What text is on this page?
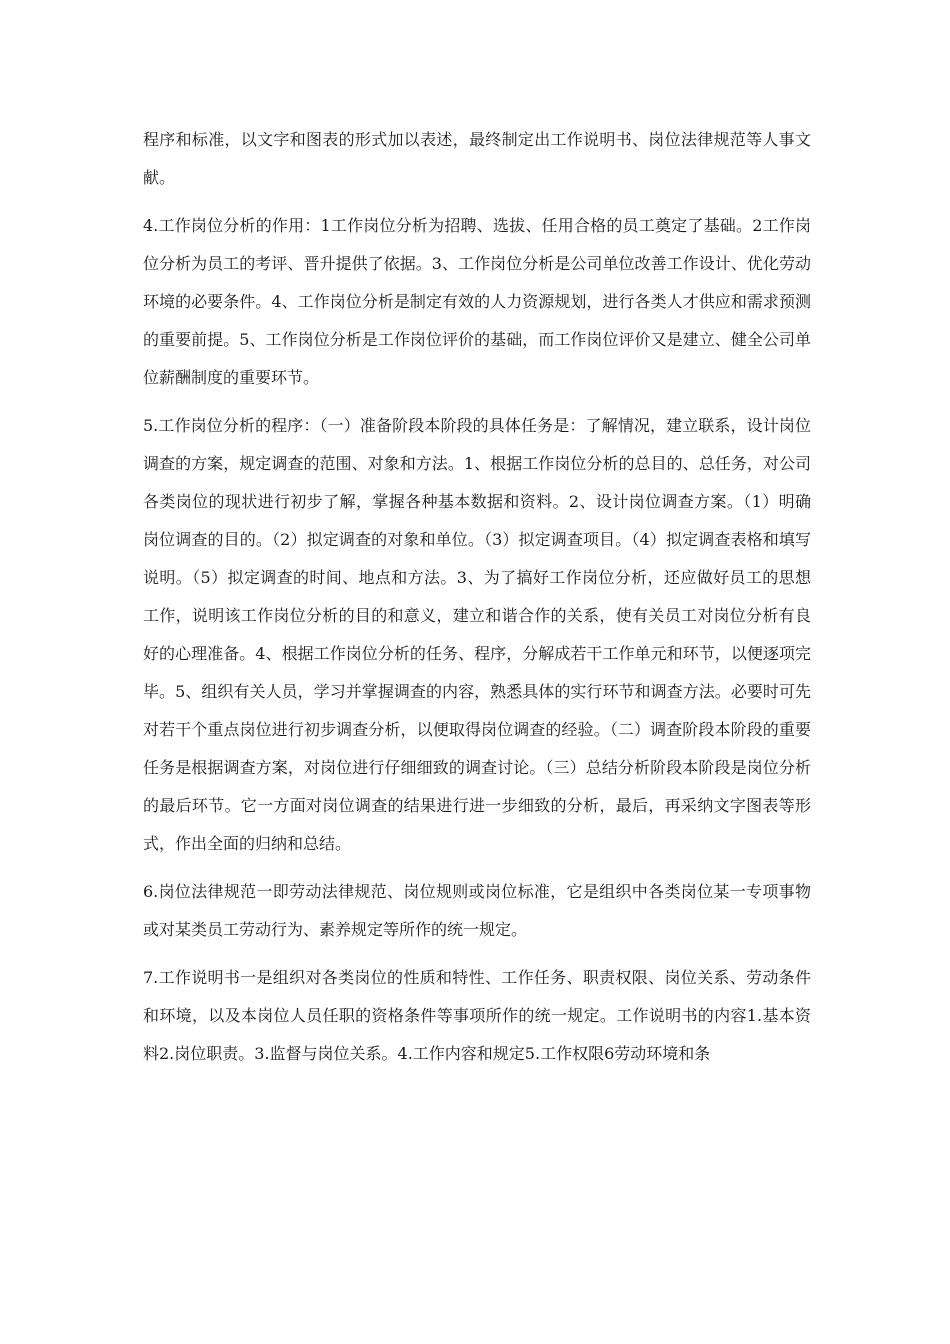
程序和标准，以文字和图表的形式加以表述，最终制定出工作说明书、岗位法律规范等人事文献。

4.工作岗位分析的作用：1工作岗位分析为招聘、选拔、任用合格的员工奠定了基础。2工作岗位分析为员工的考评、晋升提供了依据。3、工作岗位分析是公司单位改善工作设计、优化劳动环境的必要条件。4、工作岗位分析是制定有效的人力资源规划，进行各类人才供应和需求预测的重要前提。5、工作岗位分析是工作岗位评价的基础，而工作岗位评价又是建立、健全公司单位薪酬制度的重要环节。

5.工作岗位分析的程序：（一）准备阶段本阶段的具体任务是：了解情况，建立联系，设计岗位调查的方案，规定调查的范围、对象和方法。1、根据工作岗位分析的总目的、总任务，对公司各类岗位的现状进行初步了解，掌握各种基本数据和资料。2、设计岗位调查方案。（1）明确岗位调查的目的。（2）拟定调查的对象和单位。（3）拟定调查项目。（4）拟定调查表格和填写说明。（5）拟定调查的时间、地点和方法。3、为了搞好工作岗位分析，还应做好员工的思想工作，说明该工作岗位分析的目的和意义，建立和谐合作的关系，使有关员工对岗位分析有良好的心理准备。4、根据工作岗位分析的任务、程序，分解成若干工作单元和环节，以便逐项完毕。5、组织有关人员，学习并掌握调查的内容，熟悉具体的实行环节和调查方法。必要时可先对若干个重点岗位进行初步调查分析，以便取得岗位调查的经验。（二）调查阶段本阶段的重要任务是根据调查方案，对岗位进行仔细细致的调查讨论。（三）总结分析阶段本阶段是岗位分析的最后环节。它一方面对岗位调查的结果进行进一步细致的分析，最后，再采纳文字图表等形式，作出全面的归纳和总结。

6.岗位法律规范一即劳动法律规范、岗位规则或岗位标准，它是组织中各类岗位某一专项事物或对某类员工劳动行为、素养规定等所作的统一规定。

7.工作说明书一是组织对各类岗位的性质和特性、工作任务、职责权限、岗位关系、劳动条件和环境，以及本岗位人员任职的资格条件等事项所作的统一规定。工作说明书的内容1.基本资料2.岗位职责。3.监督与岗位关系。4.工作内容和规定5.工作权限6劳动环境和条
